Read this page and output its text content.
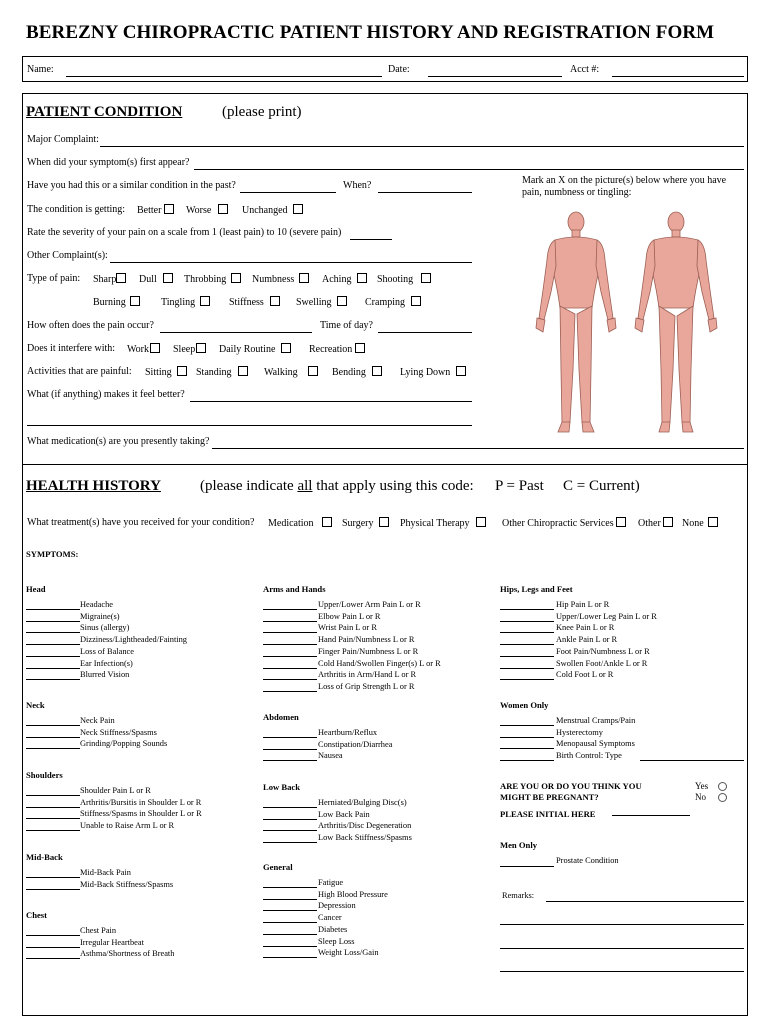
BEREZNY CHIROPRACTIC PATIENT HISTORY AND REGISTRATION FORM
Name:	Date:	Acct #:
PATIENT CONDITION	(please print)
Major Complaint:
When did your symptom(s) first appear?
Have you had this or a similar condition in the past?	When?	Mark an X on the picture(s) below where you have
pain, numbness or tingling:
The condition is getting: Better	Worse	Unchanged
Rate the severity of your pain on a scale from 1 (least pain) to 10 (severe pain)
Other Complaint(s):
Type of pain: Sharp	Dull	Throbbing	Numbness	Aching	Shooting
Burning	Tingling	Stiffness	Swelling	Cramping
How often does the pain occur?	Time of day?
Does it interfere with: Work	Sleep	Daily Routine	Recreation
Activities that are painful: Sitting	Standing	Walking	Bending	Lying Down
What (if anything) makes it feel better?
What medication(s) are you presently taking?
HEALTH HISTORY	(please indicate all that apply using this code: P = Past C = Current)
What treatment(s) have you received for your condition? Medication	Surgery	Physical Therapy	Other Chiropractic Services	Other	None
SYMPTOMS:
Head
Headache
Migraine(s)
Sinus (allergy)
Dizziness/Lightheaded/Fainting
Loss of Balance
Ear Infection(s)
Blurred Vision
Neck
Neck Pain
Neck Stiffness/Spasms
Grinding/Popping Sounds
Shoulders
Shoulder Pain L or R
Arthritis/Bursitis in Shoulder L or R
Stiffness/Spasms in Shoulder L or R
Unable to Raise Arm L or R
Mid-Back
Mid-Back Pain
Mid-Back Stiffness/Spasms
Chest
Chest Pain
Irregular Heartbeat
Asthma/Shortness of Breath
Arms and Hands
Upper/Lower Arm Pain L or R
Elbow Pain L or R
Wrist Pain L or R
Hand Pain/Numbness L or R
Finger Pain/Numbness L or R
Cold Hand/Swollen Finger(s) L or R
Arthritis in Arm/Hand L or R
Loss of Grip Strength L or R
Abdomen
Heartburn/Reflux
Constipation/Diarrhea
Nausea
Low Back
Herniated/Bulging Disc(s)
Low Back Pain
Arthritis/Disc Degeneration
Low Back Stiffness/Spasms
General
Fatigue
High Blood Pressure
Depression
Cancer
Diabetes
Sleep Loss
Weight Loss/Gain
Hips, Legs and Feet
Hip Pain L or R
Upper/Lower Leg Pain L or R
Knee Pain L or R
Ankle Pain L or R
Foot Pain/Numbness L or R
Swollen Foot/Ankle L or R
Cold Foot L or R
Women Only
Menstrual Cramps/Pain
Hysterectomy
Menopausal Symptoms
Birth Control: Type
ARE YOU OR DO YOU THINK YOU
MIGHT BE PREGNANT?
Yes
No
PLEASE INITIAL HERE
Men Only
Prostate Condition
Remarks:
